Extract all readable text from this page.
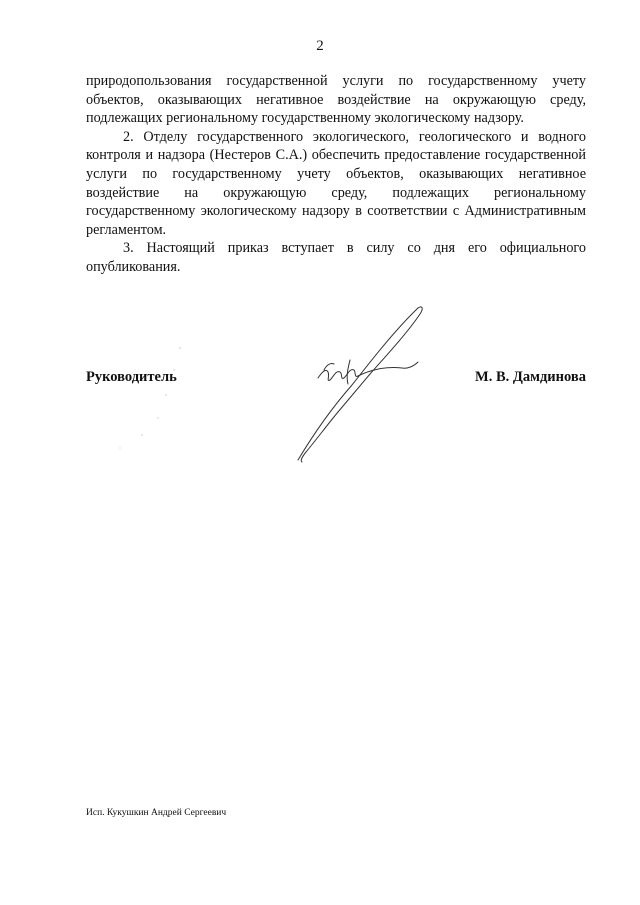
2

природопользования государственной услуги по государственному учету объектов, оказывающих негативное воздействие на окружающую среду, подлежащих региональному государственному экологическому надзору.

2. Отделу государственного экологического, геологического и водного контроля и надзора (Нестеров С.А.) обеспечить предоставление государственной услуги по государственному учету объектов, оказывающих негативное воздействие на окружающую среду, подлежащих региональному государственному экологическому надзору в соответствии с Административным регламентом.

3. Настоящий приказ вступает в силу со дня его официального опубликования.

Руководитель	М. В. Дамдинова
Исп. Кукушкин Андрей Сергеевич
